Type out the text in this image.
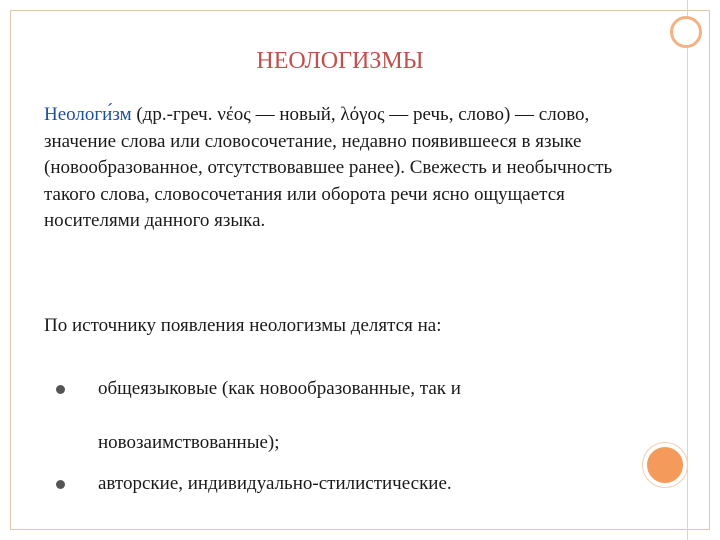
НЕОЛОГИЗМЫ

Неологи́зм (др.-греч. νέος — новый, λόγος — речь, слово) — слово, значение слова или словосочетание, недавно появившееся в языке (новообразованное, отсутствовавшее ранее). Свежесть и необычность такого слова, словосочетания или оборота речи ясно ощущается носителями данного языка.

По источнику появления неологизмы делятся на:

общеязыковые (как новообразованные, так и новозаимствованные);
авторские, индивидуально-стилистические.
